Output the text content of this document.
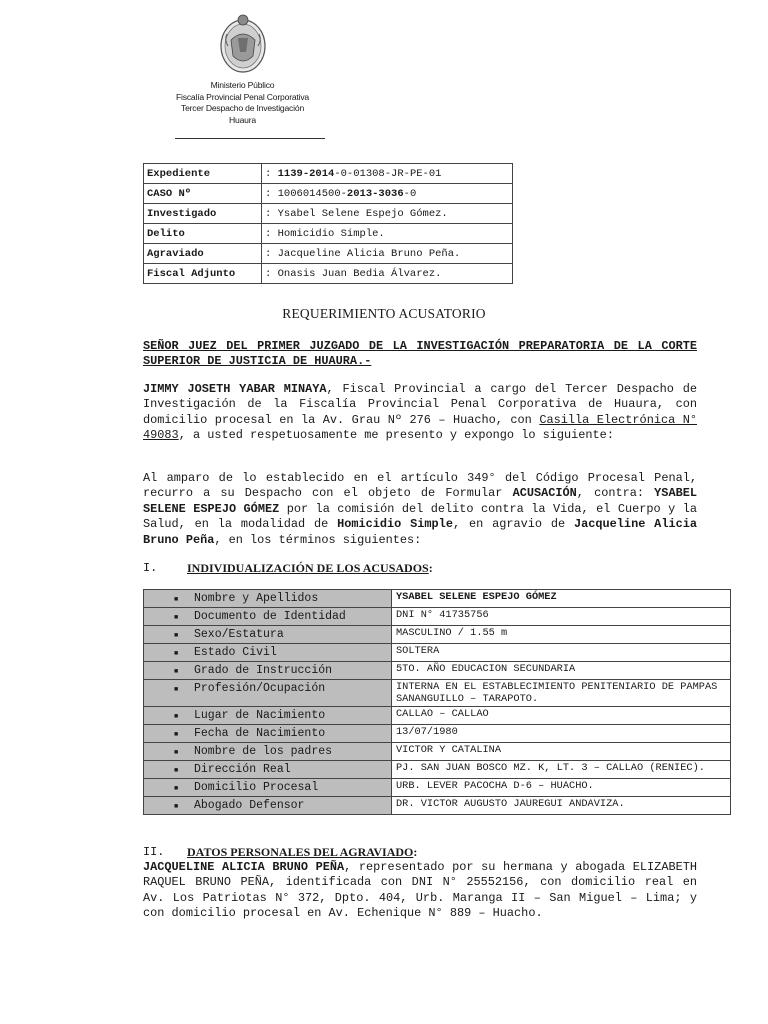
Ministerio Público
Fiscalía Provincial Penal Corporativa
Tercer Despacho de Investigación
Huaura
Expediente	: 1139-2014-0-01308-JR-PE-01
CASO Nº	: 1006014500-2013-3036-0
Investigado	: Ysabel Selene Espejo Gómez.
Delito	: Homicidio Simple.
Agraviado	: Jacqueline Alicia Bruno Peña.
Fiscal Adjunto	: Onasis Juan Bedia Álvarez.
REQUERIMIENTO ACUSATORIO
SEÑOR JUEZ DEL PRIMER JUZGADO DE LA INVESTIGACIÓN PREPARATORIA DE LA CORTE SUPERIOR DE JUSTICIA DE HUAURA.-
JIMMY JOSETH YABAR MINAYA, Fiscal Provincial a cargo del Tercer Despacho de Investigación de la Fiscalía Provincial Penal Corporativa de Huaura, con domicilio procesal en la Av. Grau Nº 276 – Huacho, con Casilla Electrónica N° 49083, a usted respetuosamente me presento y expongo lo siguiente:
Al amparo de lo establecido en el artículo 349° del Código Procesal Penal, recurro a su Despacho con el objeto de Formular ACUSACIÓN, contra: YSABEL SELENE ESPEJO GÓMEZ por la comisión del delito contra la Vida, el Cuerpo y la Salud, en la modalidad de Homicidio Simple, en agravio de Jacqueline Alicia Bruno Peña, en los términos siguientes:
I. INDIVIDUALIZACIÓN DE LOS ACUSADOS:
■ Nombre y Apellidos	YSABEL SELENE ESPEJO GÓMEZ

■ Documento de Identidad	DNI N° 41735756

■ Sexo/Estatura	MASCULINO / 1.55 m

■ Estado Civil	SOLTERA

■ Grado de Instrucción	5TO. AÑO EDUCACION SECUNDARIA

■ Profesión/Ocupación	INTERNA EN EL ESTABLECIMIENTO PENITENIARIO DE PAMPAS SANANGUILLO – TARAPOTO.

■ Lugar de Nacimiento	CALLAO – CALLAO

■ Fecha de Nacimiento	13/07/1980

■ Nombre de los padres	VICTOR Y CATALINA

■ Dirección Real	PJ. SAN JUAN BOSCO MZ. K, LT. 3 – CALLAO (RENIEC).

■ Domicilio Procesal	URB. LEVER PACOCHA D-6 – HUACHO.

■ Abogado Defensor	DR. VICTOR AUGUSTO JAUREGUI ANDAVIZA.
II. DATOS PERSONALES DEL AGRAVIADO:
JACQUELINE ALICIA BRUNO PEÑA, representado por su hermana y abogada ELIZABETH RAQUEL BRUNO PEÑA, identificada con DNI N° 25552156, con domicilio real en Av. Los Patriotas N° 372, Dpto. 404, Urb. Maranga II – San Miguel – Lima; y con domicilio procesal en Av. Echenique N° 889 – Huacho.
